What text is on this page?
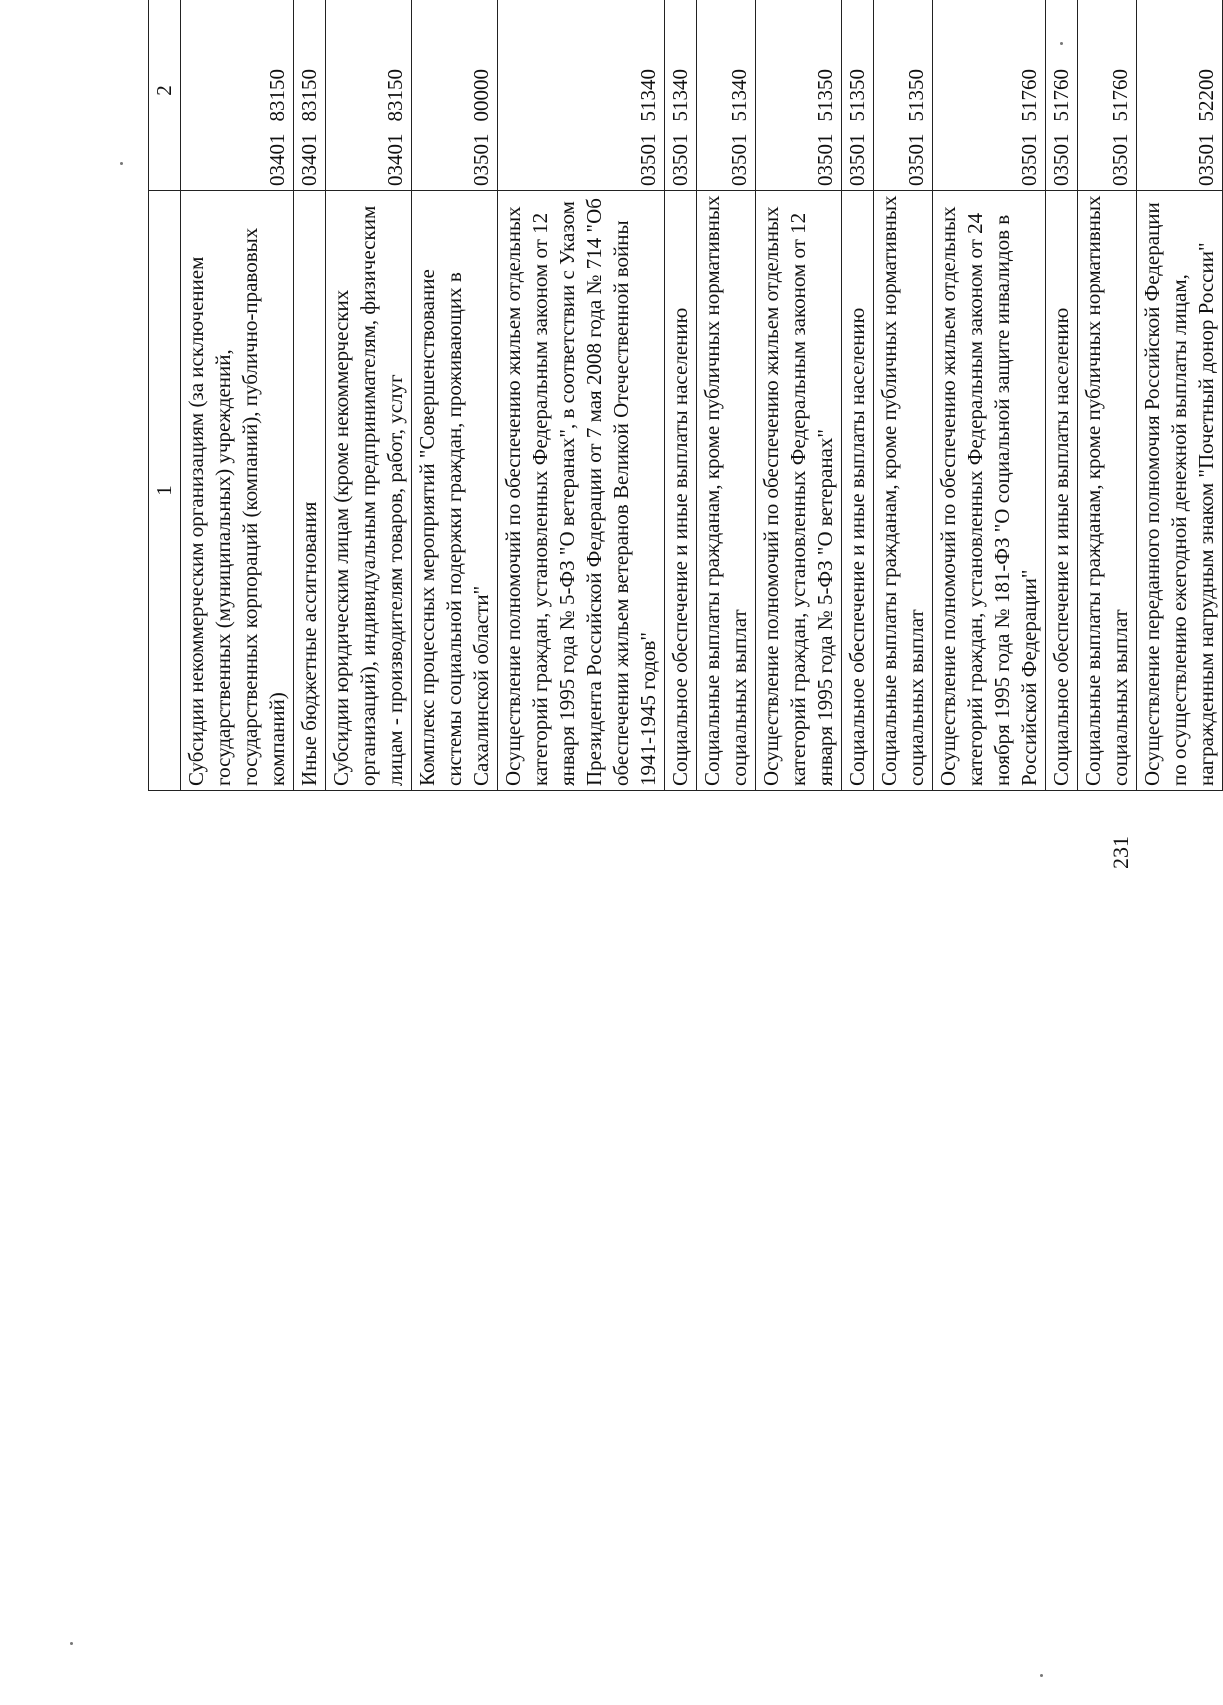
231
1	2				
Субсидии некоммерческим организациям (за исключением государственных (муниципальных) учреждений, государственных корпораций (компаний), публично-правовых компаний)	0340183150				
Иные бюджетные ассигнования	0340183150				
Субсидии юридическим лицам (кроме некоммерческих организаций), индивидуальным предпринимателям, физическим лицам - производителям товаров, работ, услуг	0340183150				
Комплекс процессных мероприятий "Совершенствование системы социальной подержки граждан, проживающих в Сахалинской области"	0350100000				
Осуществление полномочий по обеспечению жильем отдельных категорий граждан, установленных Федеральным законом от 12 января 1995 года № 5-ФЗ "О ветеранах", в соответствии с Указом Президента Российской Федерации от 7 мая 2008 года № 714 "Об обеспечении жильем ветеранов Великой Отечественной войны 1941-1945 годов"	0350151340				
Социальное обеспечение и иные выплаты населению	0350151340				
Социальные выплаты гражданам, кроме публичных нормативных социальных выплат	0350151340				
Осуществление полномочий по обеспечению жильем отдельных категорий граждан, установленных Федеральным законом от 12 января 1995 года № 5-ФЗ "О ветеранах"	0350151350				
Социальное обеспечение и иные выплаты населению	0350151350				
Социальные выплаты гражданам, кроме публичных нормативных социальных выплат	0350151350				
Осуществление полномочий по обеспечению жильем отдельных категорий граждан, установленных Федеральным законом от 24 ноября 1995 года № 181-ФЗ "О социальной защите инвалидов в Российской Федерации"	0350151760				
Социальное обеспечение и иные выплаты населению	0350151760				
Социальные выплаты гражданам, кроме публичных нормативных социальных выплат	0350151760				
Осуществление переданного полномочия Российской Федерации по осуществлению ежегодной денежной выплаты лицам, награжденным нагрудным знаком "Почетный донор России"	0350152200				
